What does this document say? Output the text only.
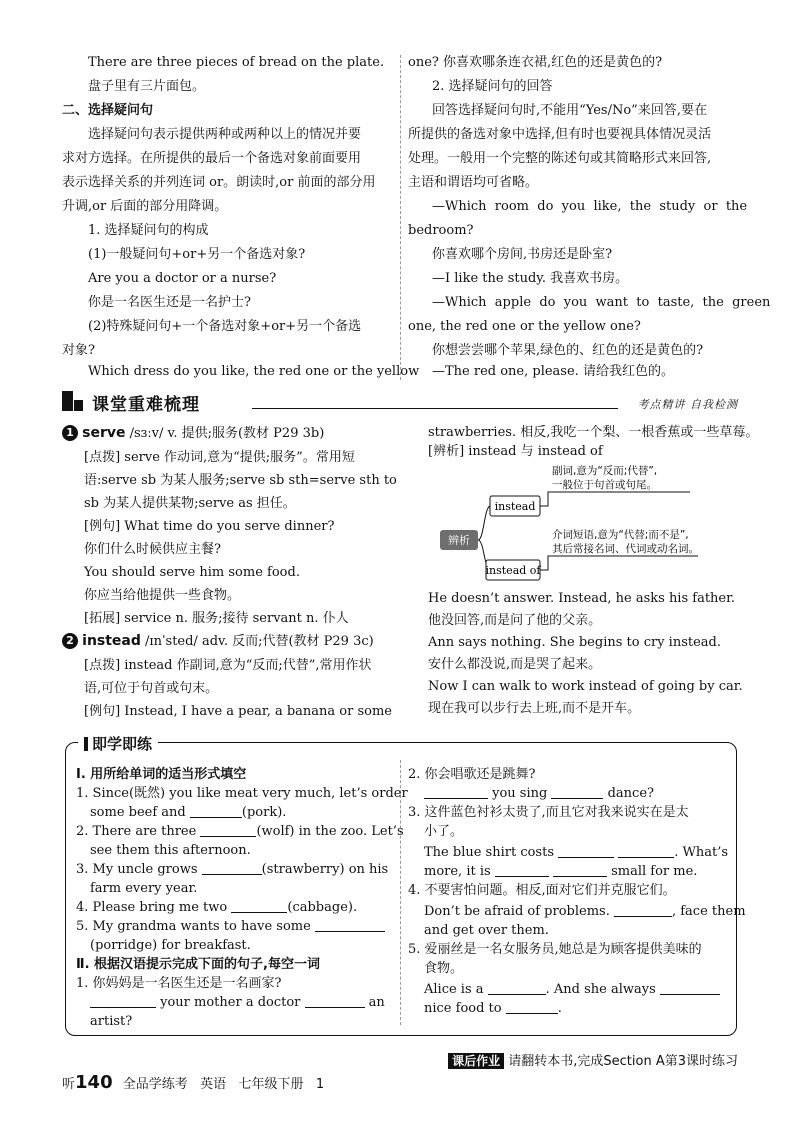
There are three pieces of bread on the plate.
盘子里有三片面包。
二、选择疑问句
选择疑问句表示提供两种或两种以上的情况并要
求对方选择。在所提供的最后一个备选对象前面要用
表示选择关系的并列连词 or。朗读时,or 前面的部分用
升调,or 后面的部分用降调。
1. 选择疑问句的构成
(1)一般疑问句+or+另一个备选对象?
Are you a doctor or a nurse?
你是一名医生还是一名护士?
(2)特殊疑问句+一个备选对象+or+另一个备选
对象?
Which dress do you like, the red one or the yellow
one? 你喜欢哪条连衣裙,红色的还是黄色的?
2. 选择疑问句的回答
回答选择疑问句时,不能用“Yes/No”来回答,要在
所提供的备选对象中选择,但有时也要视具体情况灵活
处理。一般用一个完整的陈述句或其简略形式来回答,
主语和谓语均可省略。
—Which  room  do  you  like,  the  study  or  the
bedroom?
你喜欢哪个房间,书房还是卧室?
—I like the study. 我喜欢书房。
—Which  apple  do  you  want  to  taste,  the  green
one, the red one or the yellow one?
你想尝尝哪个苹果,绿色的、红色的还是黄色的?
—The red one, please. 请给我红色的。
课堂重难梳理	考点精讲 自我检测
1 serve /sɜːv/ v. 提供;服务(教材 P29 3b)
[点拨] serve 作动词,意为“提供;服务”。常用短
语:serve sb 为某人服务;serve sb sth=serve sth to
sb 为某人提供某物;serve as 担任。
[例句] What time do you serve dinner?
你们什么时候供应主餐?
You should serve him some food.
你应当给他提供一些食物。
[拓展] service n. 服务;接待 servant n. 仆人
2 instead /ɪnˈsted/ adv. 反而;代替(教材 P29 3c)
[点拨] instead 作副词,意为“反而;代替”,常用作状
语,可位于句首或句末。
[例句] Instead, I have a pear, a banana or some
strawberries. 相反,我吃一个梨、一根香蕉或一些草莓。
[辨析] instead 与 instead of
辨析
instead
instead of
副词,意为“反而;代替”,
一般位于句首或句尾。
介词短语,意为“代替;而不是”,
其后常接名词、代词或动名词。
He doesn’t answer. Instead, he asks his father.
他没回答,而是问了他的父亲。
Ann says nothing. She begins to cry instead.
安什么都没说,而是哭了起来。
Now I can walk to work instead of going by car.
现在我可以步行去上班,而不是开车。
即学即练
Ⅰ. 用所给单词的适当形式填空
1. Since(既然) you like meat very much, let’s order
some beef and	(pork).
2. There are three	(wolf) in the zoo. Let’s
see them this afternoon.
3. My uncle grows	(strawberry) on his
farm every year.
4. Please bring me two	(cabbage).
5. My grandma wants to have some
(porridge) for breakfast.
Ⅱ. 根据汉语提示完成下面的句子,每空一词
1. 你妈妈是一名医生还是一名画家?
your mother a doctor	an
artist?
2. 你会唱歌还是跳舞?
you sing	dance?
3. 这件蓝色衬衫太贵了,而且它对我来说实在是太
小了。
The blue shirt costs	. What’s
more, it is	small for me.
4. 不要害怕问题。相反,面对它们并克服它们。
Don’t be afraid of problems.	, face them
and get over them.
5. 爱丽丝是一名女服务员,她总是为顾客提供美味的
食物。
Alice is a	. And she always
nice food to	.
课后作业 请翻转本书,完成Section A第3课时练习
听140 全品学练考   英语   七年级下册   1
